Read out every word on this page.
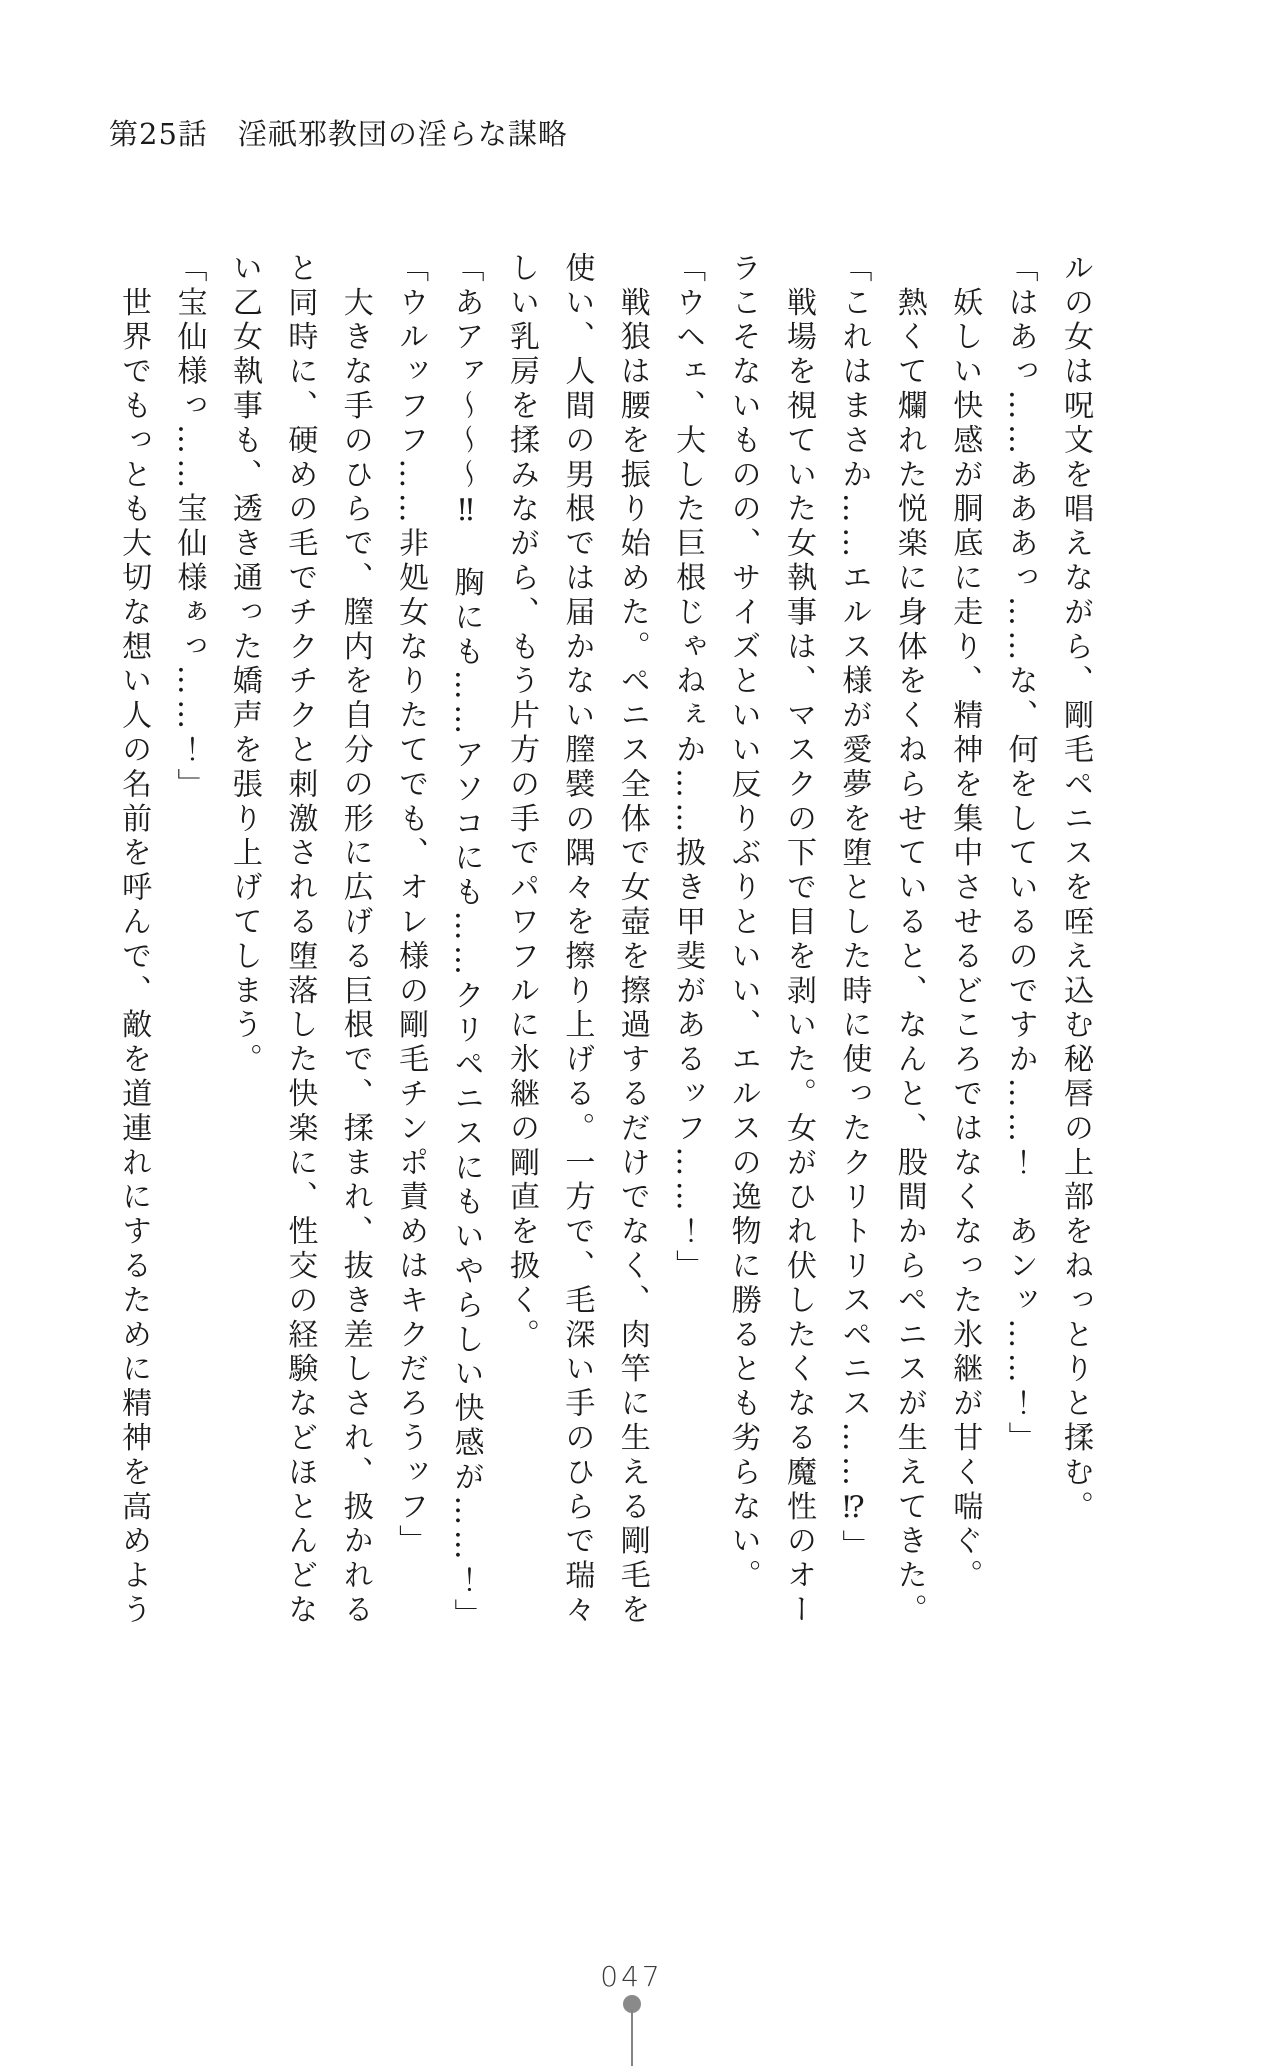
第25話　淫祇邪教団の淫らな謀略
ルの女は呪文を唱えながら、剛毛ペニスを咥え込む秘唇の上部をねっとりと揉む。
「はあっ……あああっ……な、何をしているのですか……！　あンッ……！」
　妖しい快感が胴底に走り、精神を集中させるどころではなくなった氷継が甘く喘ぐ。
　熱くて爛れた悦楽に身体をくねらせていると、なんと、股間からペニスが生えてきた。
「これはまさか……エルス様が愛夢を堕とした時に使ったクリトリスペニス……⁉」
　戦場を視ていた女執事は、マスクの下で目を剥いた。女がひれ伏したくなる魔性のオー
ラこそないものの、サイズといい反りぶりといい、エルスの逸物に勝るとも劣らない。
「ウヘェ、大した巨根じゃねぇか……扱き甲斐があるッフ……！」
　戦狼は腰を振り始めた。ペニス全体で女壺を擦過するだけでなく、肉竿に生える剛毛を
使い、人間の男根では届かない膣襞の隅々を擦り上げる。一方で、毛深い手のひらで瑞々
しい乳房を揉みながら、もう片方の手でパワフルに氷継の剛直を扱く。
「あアァ〜〜〜‼　胸にも……アソコにも……クリペニスにもいやらしい快感が……！」
「ウルッフフ……非処女なりたてでも、オレ様の剛毛チンポ責めはキクだろうッフ」
　大きな手のひらで、膣内を自分の形に広げる巨根で、揉まれ、抜き差しされ、扱かれる
と同時に、硬めの毛でチクチクと刺激される堕落した快楽に、性交の経験などほとんどな
い乙女執事も、透き通った嬌声を張り上げてしまう。
「宝仙様っ……宝仙様ぁっ……！」
　世界でもっとも大切な想い人の名前を呼んで、敵を道連れにするために精神を高めよう
047
